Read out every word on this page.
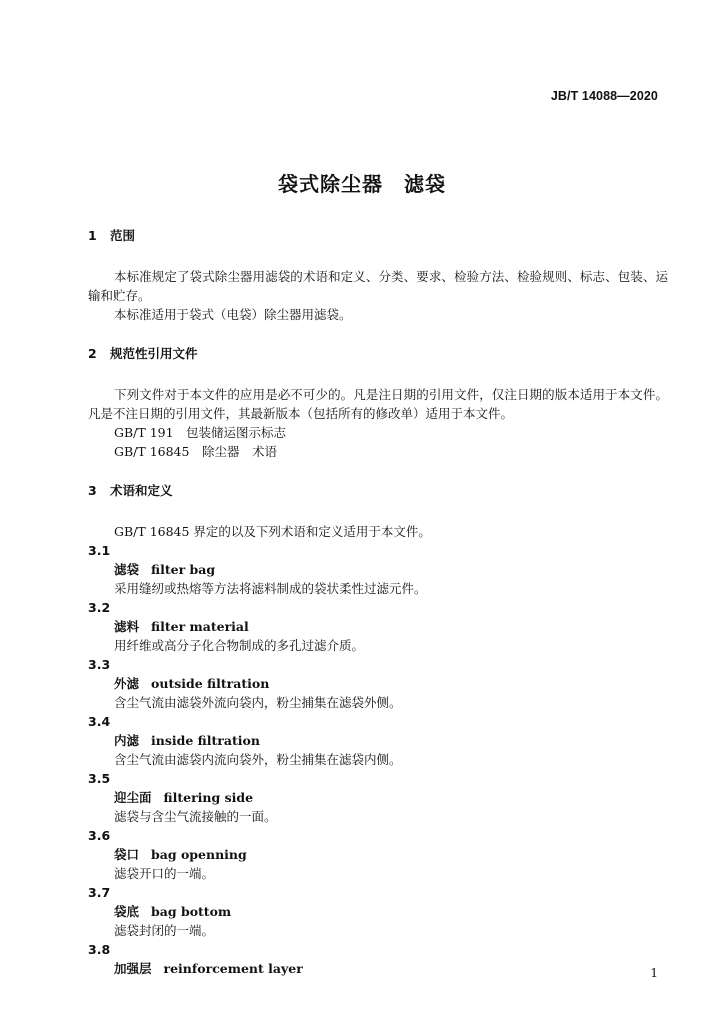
JB/T 14088—2020
袋式除尘器　滤袋
1 范围
本标准规定了袋式除尘器用滤袋的术语和定义、分类、要求、检验方法、检验规则、标志、包装、运输和贮存。
本标准适用于袋式（电袋）除尘器用滤袋。
2 规范性引用文件
下列文件对于本文件的应用是必不可少的。凡是注日期的引用文件，仅注日期的版本适用于本文件。凡是不注日期的引用文件，其最新版本（包括所有的修改单）适用于本文件。
GB/T 191　包装储运图示标志
GB/T 16845　除尘器　术语
3 术语和定义
GB/T 16845 界定的以及下列术语和定义适用于本文件。
3.1
滤袋 filter bag
采用缝纫或热熔等方法将滤料制成的袋状柔性过滤元件。
3.2
滤料 filter material
用纤维或高分子化合物制成的多孔过滤介质。
3.3
外滤 outside filtration
含尘气流由滤袋外流向袋内，粉尘捕集在滤袋外侧。
3.4
内滤 inside filtration
含尘气流由滤袋内流向袋外，粉尘捕集在滤袋内侧。
3.5
迎尘面 filtering side
滤袋与含尘气流接触的一面。
3.6
袋口 bag openning
滤袋开口的一端。
3.7
袋底 bag bottom
滤袋封闭的一端。
3.8
加强层 reinforcement layer	1
